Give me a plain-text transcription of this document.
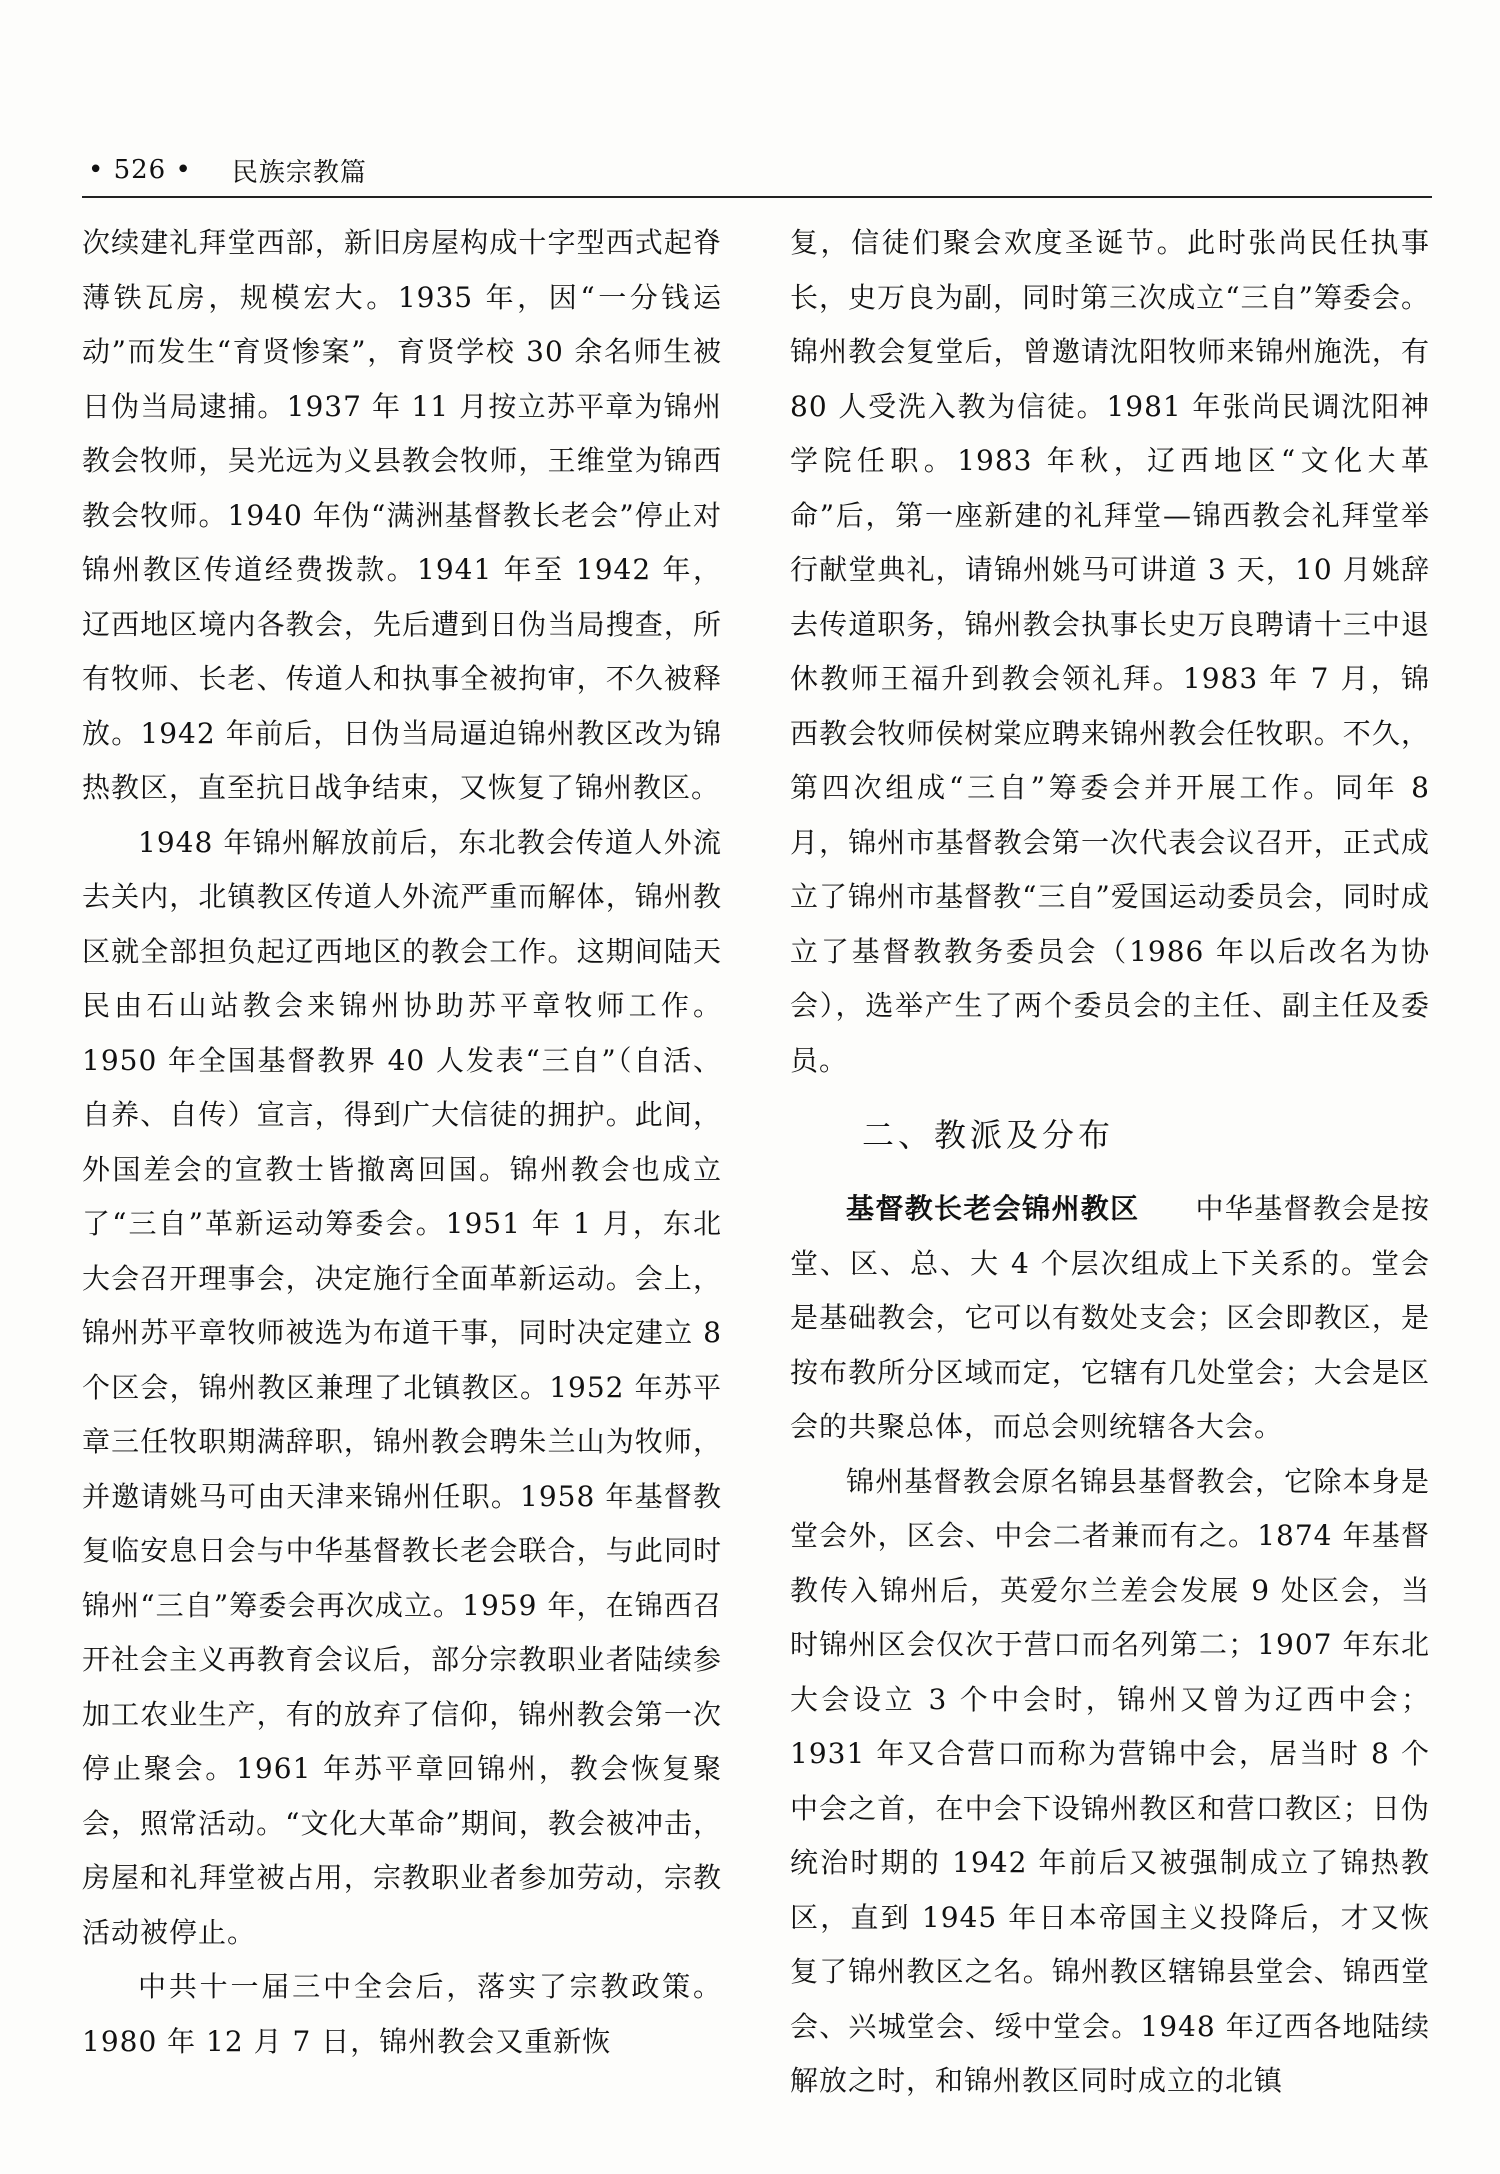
• 526 • 民族宗教篇

次续建礼拜堂西部，新旧房屋构成十字型西式起脊薄铁瓦房，规模宏大。1935 年，因“一分钱运动”而发生“育贤惨案”，育贤学校 30 余名师生被日伪当局逮捕。1937 年 11 月按立苏平章为锦州教会牧师，吴光远为义县教会牧师，王维堂为锦西教会牧师。1940 年伪“满洲基督教长老会”停止对锦州教区传道经费拨款。1941 年至 1942 年，辽西地区境内各教会，先后遭到日伪当局搜查，所有牧师、长老、传道人和执事全被拘审，不久被释放。1942 年前后，日伪当局逼迫锦州教区改为锦热教区，直至抗日战争结束，又恢复了锦州教区。

1948 年锦州解放前后，东北教会传道人外流去关内，北镇教区传道人外流严重而解体，锦州教区就全部担负起辽西地区的教会工作。这期间陆天民由石山站教会来锦州协助苏平章牧师工作。1950 年全国基督教界 40 人发表“三自”（自活、自养、自传）宣言，得到广大信徒的拥护。此间，外国差会的宣教士皆撤离回国。锦州教会也成立了“三自”革新运动筹委会。1951 年 1 月，东北大会召开理事会，决定施行全面革新运动。会上，锦州苏平章牧师被选为布道干事，同时决定建立 8 个区会，锦州教区兼理了北镇教区。1952 年苏平章三任牧职期满辞职，锦州教会聘朱兰山为牧师，并邀请姚马可由天津来锦州任职。1958 年基督教复临安息日会与中华基督教长老会联合，与此同时锦州“三自”筹委会再次成立。1959 年，在锦西召开社会主义再教育会议后，部分宗教职业者陆续参加工农业生产，有的放弃了信仰，锦州教会第一次停止聚会。1961 年苏平章回锦州，教会恢复聚会，照常活动。“文化大革命”期间，教会被冲击，房屋和礼拜堂被占用，宗教职业者参加劳动，宗教活动被停止。

中共十一届三中全会后，落实了宗教政策。1980 年 12 月 7 日，锦州教会又重新恢

复，信徒们聚会欢度圣诞节。此时张尚民任执事长，史万良为副，同时第三次成立“三自”筹委会。锦州教会复堂后，曾邀请沈阳牧师来锦州施洗，有 80 人受洗入教为信徒。1981 年张尚民调沈阳神学院任职。1983 年秋，辽西地区“文化大革命”后，第一座新建的礼拜堂—锦西教会礼拜堂举行献堂典礼，请锦州姚马可讲道 3 天，10 月姚辞去传道职务，锦州教会执事长史万良聘请十三中退休教师王福升到教会领礼拜。1983 年 7 月，锦西教会牧师侯树棠应聘来锦州教会任牧职。不久，第四次组成“三自”筹委会并开展工作。同年 8 月，锦州市基督教会第一次代表会议召开，正式成立了锦州市基督教“三自”爱国运动委员会，同时成立了基督教教务委员会（1986 年以后改名为协会），选举产生了两个委员会的主任、副主任及委员。

二、教派及分布

基督教长老会锦州教区 中华基督教会是按堂、区、总、大 4 个层次组成上下关系的。堂会是基础教会，它可以有数处支会；区会即教区，是按布教所分区域而定，它辖有几处堂会；大会是区会的共聚总体，而总会则统辖各大会。

锦州基督教会原名锦县基督教会，它除本身是堂会外，区会、中会二者兼而有之。1874 年基督教传入锦州后，英爱尔兰差会发展 9 处区会，当时锦州区会仅次于营口而名列第二；1907 年东北大会设立 3 个中会时，锦州又曾为辽西中会；1931 年又合营口而称为营锦中会，居当时 8 个中会之首，在中会下设锦州教区和营口教区；日伪统治时期的 1942 年前后又被强制成立了锦热教区，直到 1945 年日本帝国主义投降后，才又恢复了锦州教区之名。锦州教区辖锦县堂会、锦西堂会、兴城堂会、绥中堂会。1948 年辽西各地陆续解放之时，和锦州教区同时成立的北镇
